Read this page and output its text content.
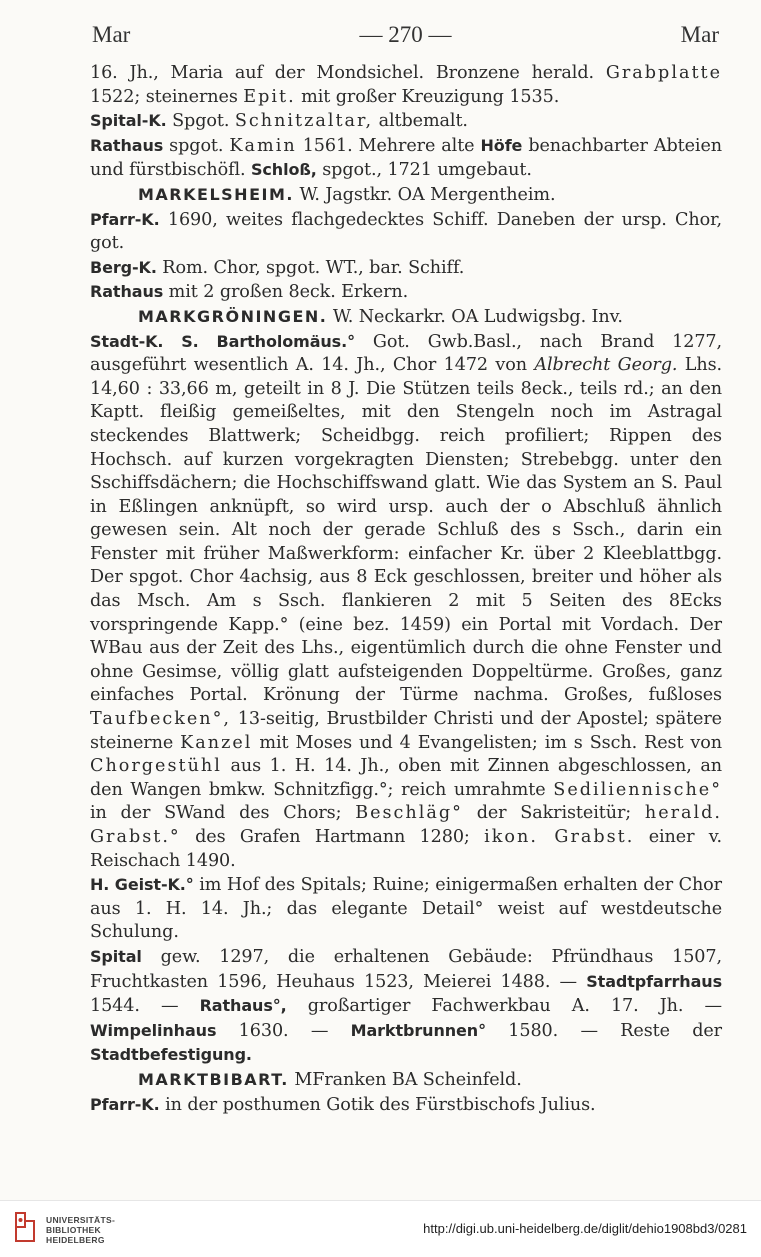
Mar	— 270 —	Mar

16. Jh., Maria auf der Mondsichel. Bronzene herald. Grabplatte 1522; steinernes Epit. mit großer Kreuzigung 1535.

Spital-K. Spgot. Schnitzaltar, altbemalt.

Rathaus spgot. Kamin 1561. Mehrere alte Höfe benachbarter Abteien und fürstbischöfl. Schloß, spgot., 1721 umgebaut.

MARKELSHEIM. W. Jagstkr. OA Mergentheim.

Pfarr-K. 1690, weites flachgedecktes Schiff. Daneben der ursp. Chor, got.

Berg-K. Rom. Chor, spgot. WT., bar. Schiff.

Rathaus mit 2 großen 8eck. Erkern.

MARKGRÖNINGEN. W. Neckarkr. OA Ludwigsbg. Inv.

Stadt-K. S. Bartholomäus.° Got. Gwb.Basl., nach Brand 1277, ausgeführt wesentlich A. 14. Jh., Chor 1472 von Albrecht Georg. Lhs. 14,60 : 33,66 m, geteilt in 8 J. Die Stützen teils 8eck., teils rd.; an den Kaptt. fleißig gemeißeltes, mit den Stengeln noch im Astragal steckendes Blattwerk; Scheidbgg. reich profiliert; Rippen des Hochsch. auf kurzen vorgekragten Diensten; Strebebgg. unter den Sschiffsdächern; die Hochschiffswand glatt. Wie das System an S. Paul in Eßlingen anknüpft, so wird ursp. auch der o Abschluß ähnlich gewesen sein. Alt noch der gerade Schluß des s Ssch., darin ein Fenster mit früher Maßwerkform: einfacher Kr. über 2 Kleeblattbgg. Der spgot. Chor 4achsig, aus 8 Eck geschlossen, breiter und höher als das Msch. Am s Ssch. flankieren 2 mit 5 Seiten des 8Ecks vorspringende Kapp.° (eine bez. 1459) ein Portal mit Vordach. Der WBau aus der Zeit des Lhs., eigentümlich durch die ohne Fenster und ohne Gesimse, völlig glatt aufsteigenden Doppeltürme. Großes, ganz einfaches Portal. Krönung der Türme nachma. Großes, fußloses Taufbecken°, 13-seitig, Brustbilder Christi und der Apostel; spätere steinerne Kanzel mit Moses und 4 Evangelisten; im s Ssch. Rest von Chorgestühl aus 1. H. 14. Jh., oben mit Zinnen abgeschlossen, an den Wangen bmkw. Schnitzfigg.°; reich umrahmte Sediliennische° in der SWand des Chors; Beschläg° der Sakristeitür; herald. Grabst.° des Grafen Hartmann 1280; ikon. Grabst. einer v. Reischach 1490.

H. Geist-K.° im Hof des Spitals; Ruine; einigermaßen erhalten der Chor aus 1. H. 14. Jh.; das elegante Detail° weist auf westdeutsche Schulung.

Spital gew. 1297, die erhaltenen Gebäude: Pfründhaus 1507, Fruchtkasten 1596, Heuhaus 1523, Meierei 1488. — Stadtpfarrhaus 1544. — Rathaus°, großartiger Fachwerkbau A. 17. Jh. — Wimpelinhaus 1630. — Marktbrunnen° 1580. — Reste der Stadtbefestigung.

MARKTBIBART. MFranken BA Scheinfeld.

Pfarr-K. in der posthumen Gotik des Fürstbischofs Julius.

UNIVERSITÄTS-
BIBLIOTHEK
HEIDELBERG
http://digi.ub.uni-heidelberg.de/diglit/dehio1908bd3/0281
